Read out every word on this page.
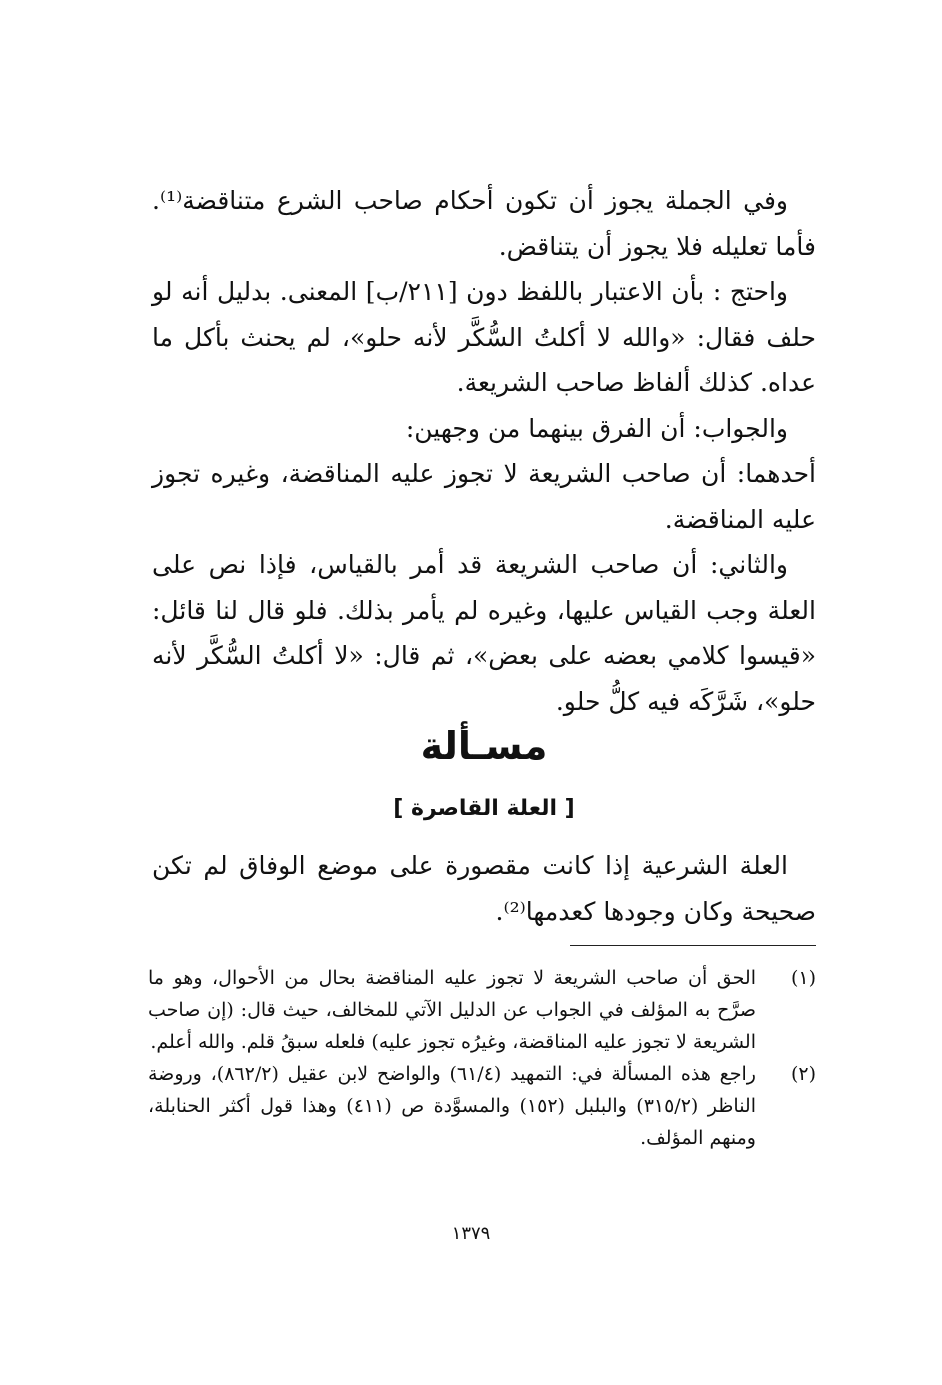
وفي الجملة يجوز أن تكون أحكام صاحب الشرع متناقضة⁽¹⁾. فأما تعليله فلا يجوز أن يتناقض.

واحتج : بأن الاعتبار باللفظ دون [٢١١/ب] المعنى. بدليل أنه لو حلف فقال: «والله لا أكلتُ السُّكَّر لأنه حلو»، لم يحنث بأكل ما عداه. كذلك ألفاظ صاحب الشريعة.

والجواب: أن الفرق بينهما من وجهين:

أحدهما: أن صاحب الشريعة لا تجوز عليه المناقضة، وغيره تجوز عليه المناقضة.

والثاني: أن صاحب الشريعة قد أمر بالقياس، فإذا نص على العلة وجب القياس عليها، وغيره لم يأمر بذلك. فلو قال لنا قائل: «قيسوا كلامي بعضه على بعض»، ثم قال: «لا أكلتُ السُّكَّر لأنه حلو»، شَرَّكَه فيه كلُّ حلو.

مسـألة
[ العلة القاصرة ]

العلة الشرعية إذا كانت مقصورة على موضع الوفاق لم تكن صحيحة وكان وجودها كعدمها⁽²⁾.

(١)
الحق أن صاحب الشريعة لا تجوز عليه المناقضة بحال من الأحوال، وهو ما صرَّح به المؤلف في الجواب عن الدليل الآتي للمخالف، حيث قال: (إن صاحب الشريعة لا تجوز عليه المناقضة، وغيرُه تجوز عليه) فلعله سبقُ قلم. والله أعلم.
(٢)
راجع هذه المسألة في: التمهيد (٦١/٤) والواضح لابن عقيل (٨٦٢/٢)، وروضة الناظر (٣١٥/٢) والبلبل (١٥٢) والمسوَّدة ص (٤١١) وهذا قول أكثر الحنابلة، ومنهم المؤلف.
١٣٧٩
